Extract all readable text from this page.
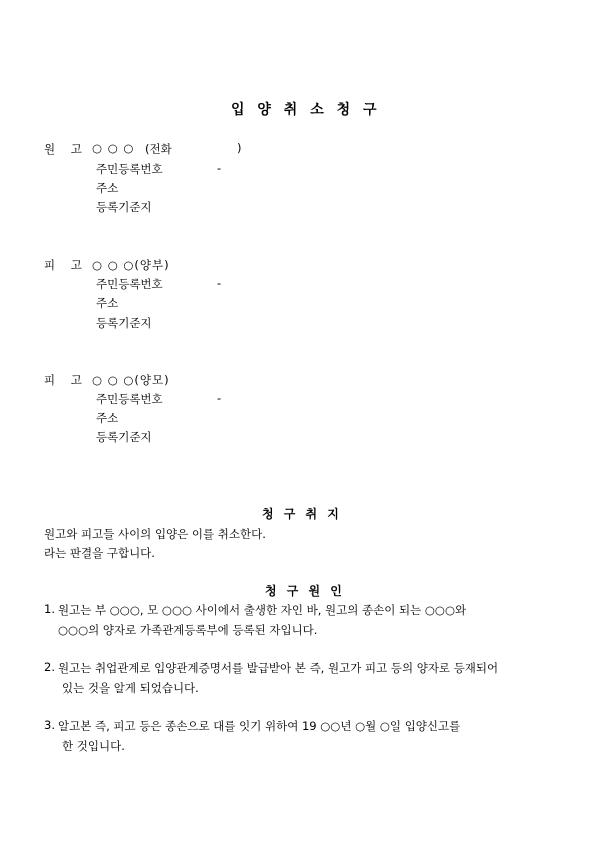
입 양 취 소 청 구
원 고 ○ ○ ○ (전화	)
주민등록번호	-
주소
등록기준지
피 고 ○ ○ ○(양부)
주민등록번호	-
주소
등록기준지
피 고 ○ ○ ○(양모)
주민등록번호	-
주소
등록기준지
청 구 취 지
원고와 피고들 사이의 입양은 이를 취소한다.
라는 판결을 구합니다.
청 구 원 인
1. 원고는 부 ○○○, 모 ○○○ 사이에서 출생한 자인 바, 원고의 종손이 되는 ○○○와
○○○의 양자로 가족관계등록부에 등록된 자입니다.
2. 원고는 취업관계로 입양관계증명서를 발급받아 본 즉, 원고가 피고 등의 양자로 등재되어
있는 것을 알게 되었습니다.
3. 알고본 즉, 피고 등은 종손으로 대를 잇기 위하여 19 ○○년 ○월 ○일 입양신고를
한 것입니다.
